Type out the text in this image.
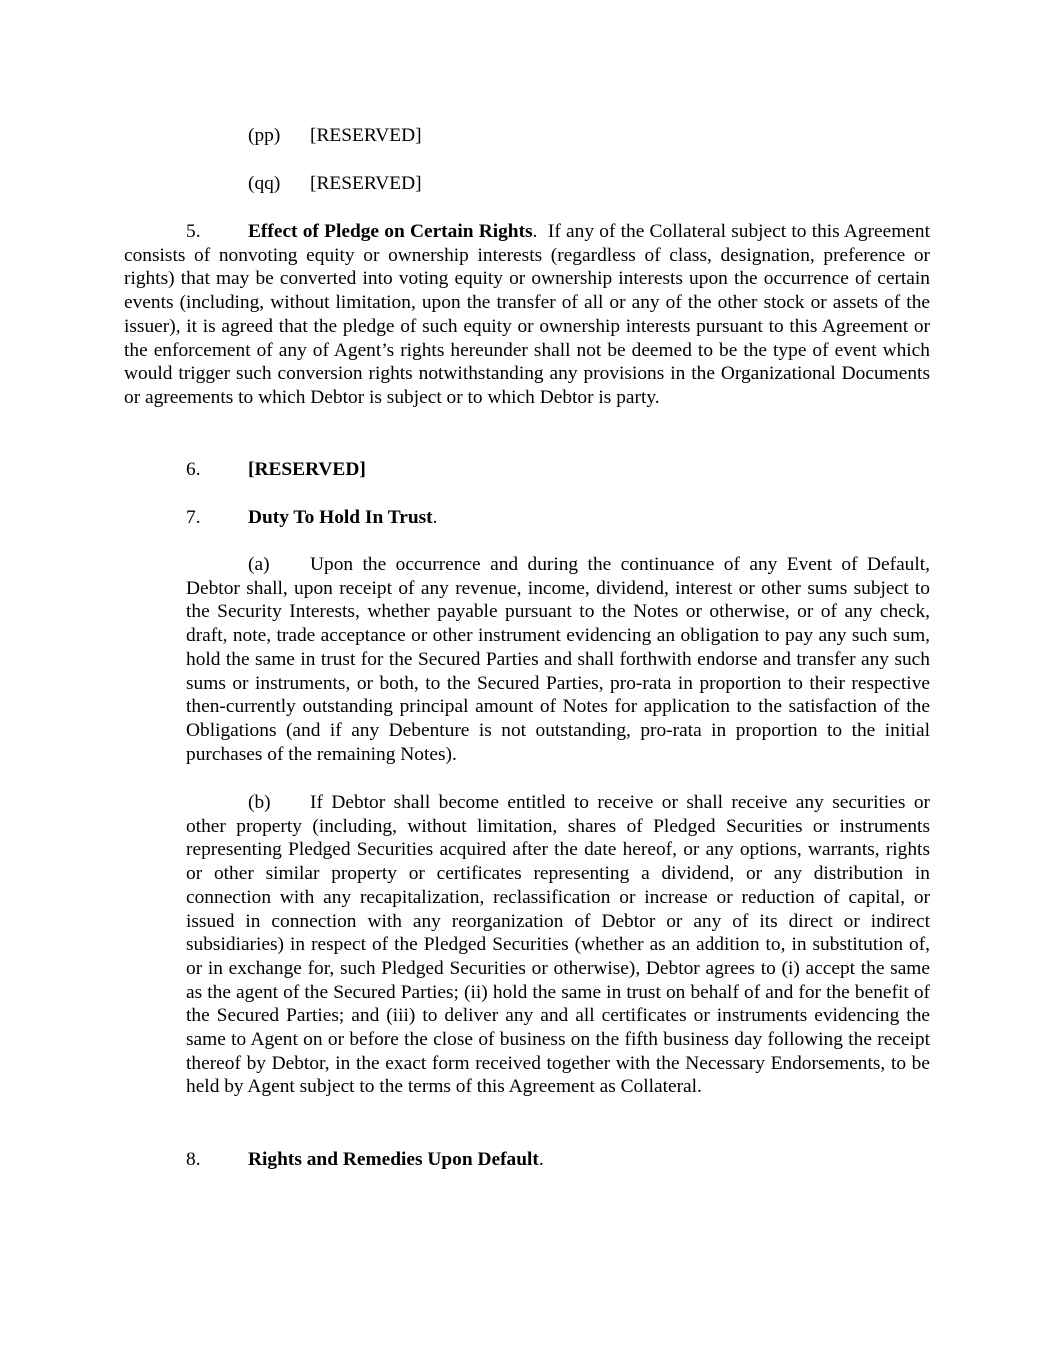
(pp) [RESERVED]
(qq) [RESERVED]
5. Effect of Pledge on Certain Rights. If any of the Collateral subject to this Agreement consists of nonvoting equity or ownership interests (regardless of class, designation, preference or rights) that may be converted into voting equity or ownership interests upon the occurrence of certain events (including, without limitation, upon the transfer of all or any of the other stock or assets of the issuer), it is agreed that the pledge of such equity or ownership interests pursuant to this Agreement or the enforcement of any of Agent’s rights hereunder shall not be deemed to be the type of event which would trigger such conversion rights notwithstanding any provisions in the Organizational Documents or agreements to which Debtor is subject or to which Debtor is party.
6. [RESERVED]
7. Duty To Hold In Trust.
(a) Upon the occurrence and during the continuance of any Event of Default, Debtor shall, upon receipt of any revenue, income, dividend, interest or other sums subject to the Security Interests, whether payable pursuant to the Notes or otherwise, or of any check, draft, note, trade acceptance or other instrument evidencing an obligation to pay any such sum, hold the same in trust for the Secured Parties and shall forthwith endorse and transfer any such sums or instruments, or both, to the Secured Parties, pro-rata in proportion to their respective then-currently outstanding principal amount of Notes for application to the satisfaction of the Obligations (and if any Debenture is not outstanding, pro-rata in proportion to the initial purchases of the remaining Notes).
(b) If Debtor shall become entitled to receive or shall receive any securities or other property (including, without limitation, shares of Pledged Securities or instruments representing Pledged Securities acquired after the date hereof, or any options, warrants, rights or other similar property or certificates representing a dividend, or any distribution in connection with any recapitalization, reclassification or increase or reduction of capital, or issued in connection with any reorganization of Debtor or any of its direct or indirect subsidiaries) in respect of the Pledged Securities (whether as an addition to, in substitution of, or in exchange for, such Pledged Securities or otherwise), Debtor agrees to (i) accept the same as the agent of the Secured Parties; (ii) hold the same in trust on behalf of and for the benefit of the Secured Parties; and (iii) to deliver any and all certificates or instruments evidencing the same to Agent on or before the close of business on the fifth business day following the receipt thereof by Debtor, in the exact form received together with the Necessary Endorsements, to be held by Agent subject to the terms of this Agreement as Collateral.
8. Rights and Remedies Upon Default.
